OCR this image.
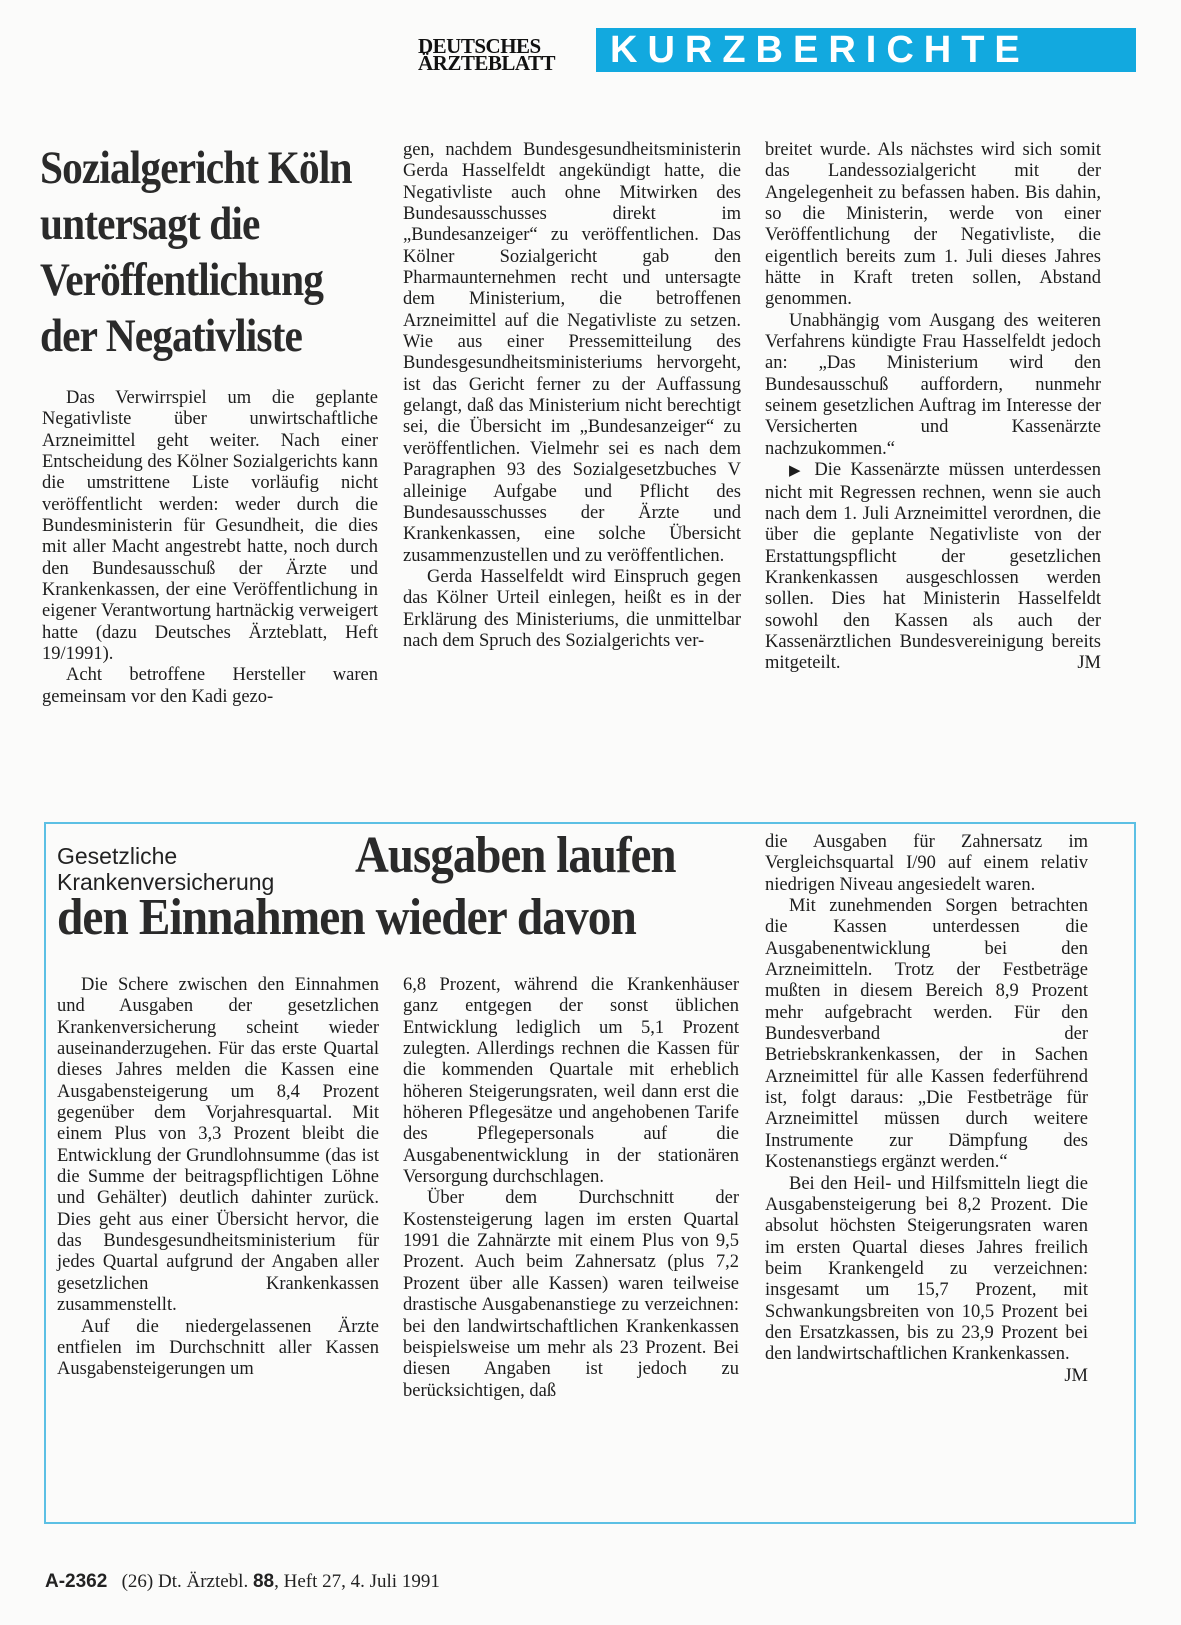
DEUTSCHES
ÄRZTEBLATT	KURZBERICHTE
Sozialgericht Köln
untersagt die
Veröffentlichung
der Negativliste

Das Verwirrspiel um die geplante Negativliste über unwirtschaftliche Arzneimittel geht weiter. Nach einer Entscheidung des Kölner Sozialgerichts kann die umstrittene Liste vorläufig nicht veröffentlicht werden: weder durch die Bundesministerin für Gesundheit, die dies mit aller Macht angestrebt hatte, noch durch den Bundesausschuß der Ärzte und Krankenkassen, der eine Veröffentlichung in eigener Verantwortung hartnäckig verweigert hatte (dazu Deutsches Ärzteblatt, Heft 19/1991).

Acht betroffene Hersteller waren gemeinsam vor den Kadi gezo-

gen, nachdem Bundesgesundheitsministerin Gerda Hasselfeldt angekündigt hatte, die Negativliste auch ohne Mitwirken des Bundesausschusses direkt im „Bundesanzeiger“ zu veröffentlichen. Das Kölner Sozialgericht gab den Pharmaunternehmen recht und untersagte dem Ministerium, die betroffenen Arzneimittel auf die Negativliste zu setzen. Wie aus einer Pressemitteilung des Bundesgesundheitsministeriums hervorgeht, ist das Gericht ferner zu der Auffassung gelangt, daß das Ministerium nicht berechtigt sei, die Übersicht im „Bundesanzeiger“ zu veröffentlichen. Vielmehr sei es nach dem Paragraphen 93 des Sozialgesetzbuches V alleinige Aufgabe und Pflicht des Bundesausschusses der Ärzte und Krankenkassen, eine solche Übersicht zusammenzustellen und zu veröffentlichen.

Gerda Hasselfeldt wird Einspruch gegen das Kölner Urteil einlegen, heißt es in der Erklärung des Ministeriums, die unmittelbar nach dem Spruch des Sozialgerichts ver-

breitet wurde. Als nächstes wird sich somit das Landessozialgericht mit der Angelegenheit zu befassen haben. Bis dahin, so die Ministerin, werde von einer Veröffentlichung der Negativliste, die eigentlich bereits zum 1. Juli dieses Jahres hätte in Kraft treten sollen, Abstand genommen.

Unabhängig vom Ausgang des weiteren Verfahrens kündigte Frau Hasselfeldt jedoch an: „Das Ministerium wird den Bundesausschuß auffordern, nunmehr seinem gesetzlichen Auftrag im Interesse der Versicherten und Kassenärzte nachzukommen.“

▶ Die Kassenärzte müssen unterdessen nicht mit Regressen rechnen, wenn sie auch nach dem 1. Juli Arzneimittel verordnen, die über die geplante Negativliste von der Erstattungspflicht der gesetzlichen Krankenkassen ausgeschlossen werden sollen. Dies hat Ministerin Hasselfeldt sowohl den Kassen als auch der Kassenärztlichen Bundesvereinigung bereits mitgeteilt.	JM

Gesetzliche
Krankenversicherung Ausgaben laufen
den Einnahmen wieder davon

Die Schere zwischen den Einnahmen und Ausgaben der gesetzlichen Krankenversicherung scheint wieder auseinanderzugehen. Für das erste Quartal dieses Jahres melden die Kassen eine Ausgabensteigerung um 8,4 Prozent gegenüber dem Vorjahresquartal. Mit einem Plus von 3,3 Prozent bleibt die Entwicklung der Grundlohnsumme (das ist die Summe der beitragspflichtigen Löhne und Gehälter) deutlich dahinter zurück. Dies geht aus einer Übersicht hervor, die das Bundesgesundheitsministerium für jedes Quartal aufgrund der Angaben aller gesetzlichen Krankenkassen zusammenstellt.

Auf die niedergelassenen Ärzte entfielen im Durchschnitt aller Kassen Ausgabensteigerungen um

6,8 Prozent, während die Krankenhäuser ganz entgegen der sonst üblichen Entwicklung lediglich um 5,1 Prozent zulegten. Allerdings rechnen die Kassen für die kommenden Quartale mit erheblich höheren Steigerungsraten, weil dann erst die höheren Pflegesätze und angehobenen Tarife des Pflegepersonals auf die Ausgabenentwicklung in der stationären Versorgung durchschlagen.

Über dem Durchschnitt der Kostensteigerung lagen im ersten Quartal 1991 die Zahnärzte mit einem Plus von 9,5 Prozent. Auch beim Zahnersatz (plus 7,2 Prozent über alle Kassen) waren teilweise drastische Ausgabenanstiege zu verzeichnen: bei den landwirtschaftlichen Krankenkassen beispielsweise um mehr als 23 Prozent. Bei diesen Angaben ist jedoch zu berücksichtigen, daß

die Ausgaben für Zahnersatz im Vergleichsquartal I/90 auf einem relativ niedrigen Niveau angesiedelt waren.

Mit zunehmenden Sorgen betrachten die Kassen unterdessen die Ausgabenentwicklung bei den Arzneimitteln. Trotz der Festbeträge mußten in diesem Bereich 8,9 Prozent mehr aufgebracht werden. Für den Bundesverband der Betriebskrankenkassen, der in Sachen Arzneimittel für alle Kassen federführend ist, folgt daraus: „Die Festbeträge für Arzneimittel müssen durch weitere Instrumente zur Dämpfung des Kostenanstiegs ergänzt werden.“

Bei den Heil- und Hilfsmitteln liegt die Ausgabensteigerung bei 8,2 Prozent. Die absolut höchsten Steigerungsraten waren im ersten Quartal dieses Jahres freilich beim Krankengeld zu verzeichnen: insgesamt um 15,7 Prozent, mit Schwankungsbreiten von 10,5 Prozent bei den Ersatzkassen, bis zu 23,9 Prozent bei den landwirtschaftlichen Krankenkassen.
JM

A-2362 (26) Dt. Ärztebl. 88, Heft 27, 4. Juli 1991
